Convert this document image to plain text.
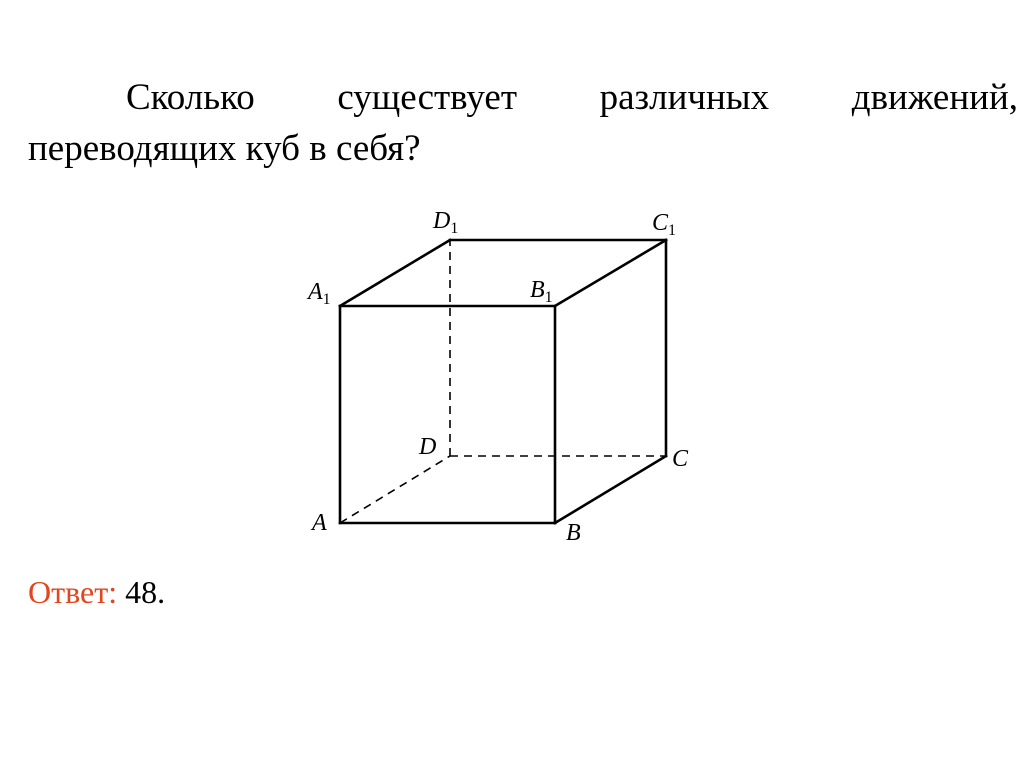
Сколько существует различных движений,
переводящих куб в себя?
A	B
C
D
$A_1$	$B_1$
$C_1$
$D_1$
Ответ: 48.
